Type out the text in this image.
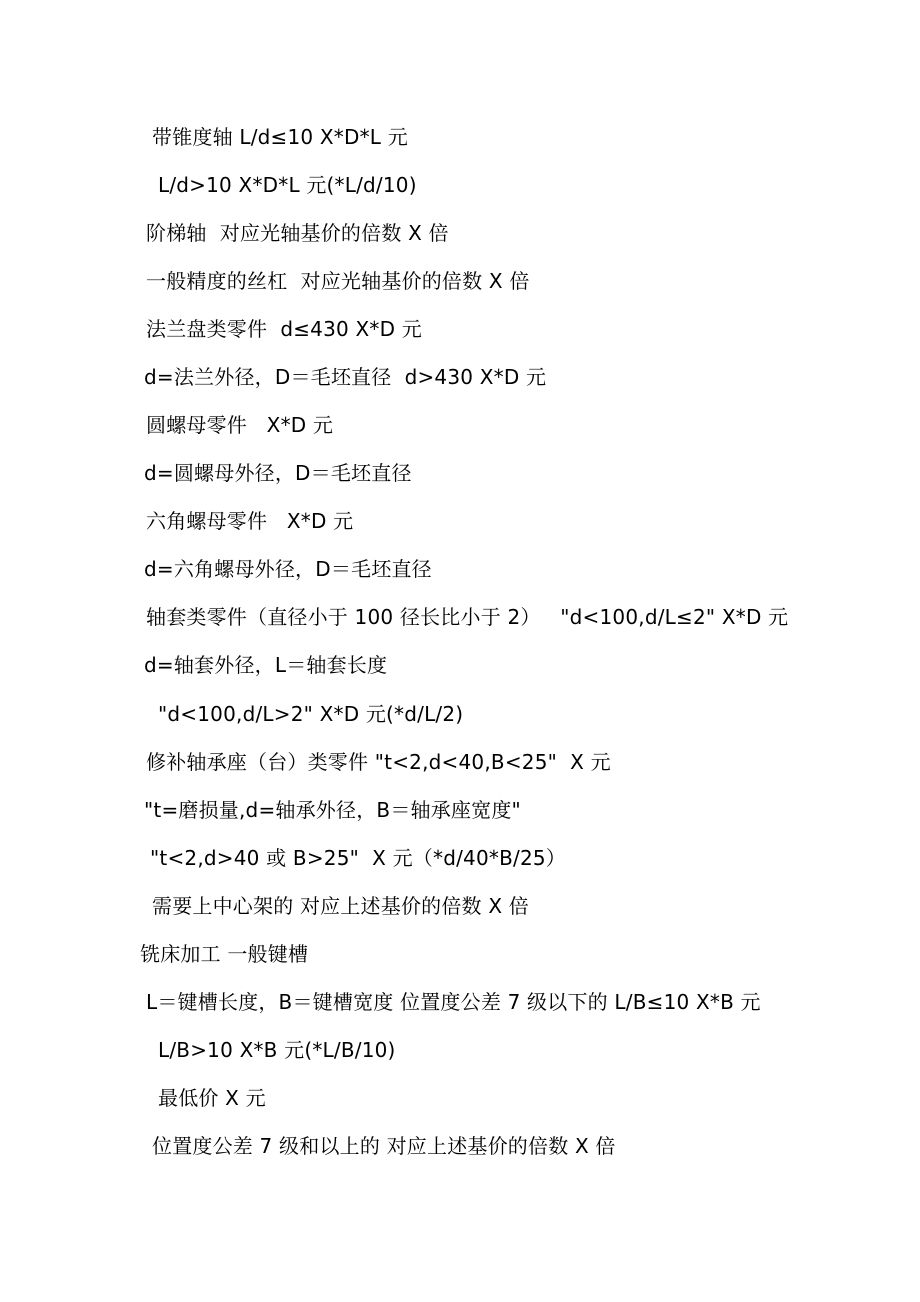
带锥度轴 L/d≤10 X*D*L 元
L/d>10 X*D*L 元(*L/d/10)
阶梯轴  对应光轴基价的倍数 X 倍
一般精度的丝杠  对应光轴基价的倍数 X 倍
法兰盘类零件  d≤430 X*D 元
d=法兰外径，D＝毛坯直径  d>430 X*D 元
圆螺母零件   X*D 元
d=圆螺母外径，D＝毛坯直径
六角螺母零件   X*D 元
d=六角螺母外径，D＝毛坯直径
轴套类零件（直径小于 100 径长比小于 2）   "d<100,d/L≤2" X*D 元
d=轴套外径，L＝轴套长度
"d<100,d/L>2" X*D 元(*d/L/2)
修补轴承座（台）类零件 "t<2,d<40,B<25"  X 元
"t=磨损量,d=轴承外径，B＝轴承座宽度"
"t<2,d>40 或 B>25"  X 元（*d/40*B/25）
需要上中心架的 对应上述基价的倍数 X 倍
铣床加工 一般键槽
L＝键槽长度，B＝键槽宽度 位置度公差 7 级以下的 L/B≤10 X*B 元
L/B>10 X*B 元(*L/B/10)
最低价 X 元
位置度公差 7 级和以上的 对应上述基价的倍数 X 倍
